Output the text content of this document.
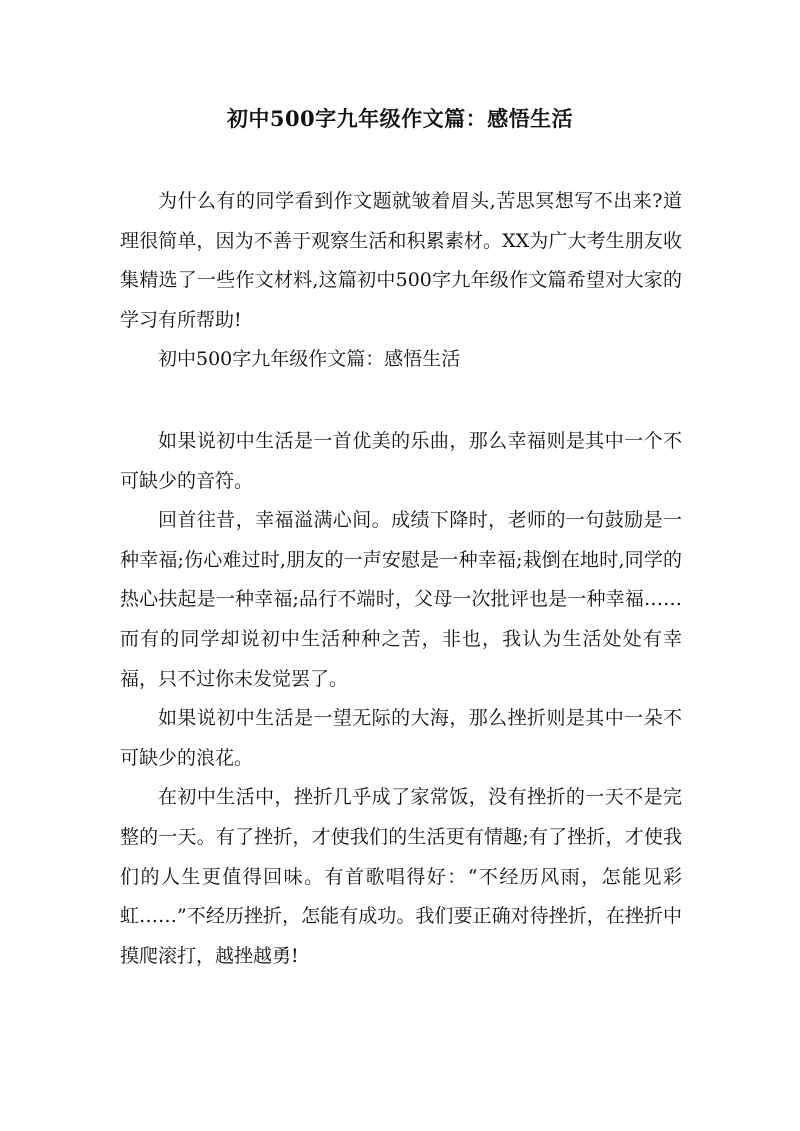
初中500字九年级作文篇：感悟生活

为什么有的同学看到作文题就皱着眉头,苦思冥想写不出来?道理很简单，因为不善于观察生活和积累素材。XX为广大考生朋友收集精选了一些作文材料,这篇初中500字九年级作文篇希望对大家的学习有所帮助!

初中500字九年级作文篇：感悟生活

如果说初中生活是一首优美的乐曲，那么幸福则是其中一个不可缺少的音符。

回首往昔，幸福溢满心间。成绩下降时，老师的一句鼓励是一种幸福;伤心难过时,朋友的一声安慰是一种幸福;栽倒在地时,同学的热心扶起是一种幸福;品行不端时，父母一次批评也是一种幸福……而有的同学却说初中生活种种之苦，非也，我认为生活处处有幸福，只不过你未发觉罢了。

如果说初中生活是一望无际的大海，那么挫折则是其中一朵不可缺少的浪花。

在初中生活中，挫折几乎成了家常饭，没有挫折的一天不是完整的一天。有了挫折，才使我们的生活更有情趣;有了挫折，才使我们的人生更值得回味。有首歌唱得好：“不经历风雨，怎能见彩虹……”不经历挫折，怎能有成功。我们要正确对待挫折，在挫折中摸爬滚打，越挫越勇!
